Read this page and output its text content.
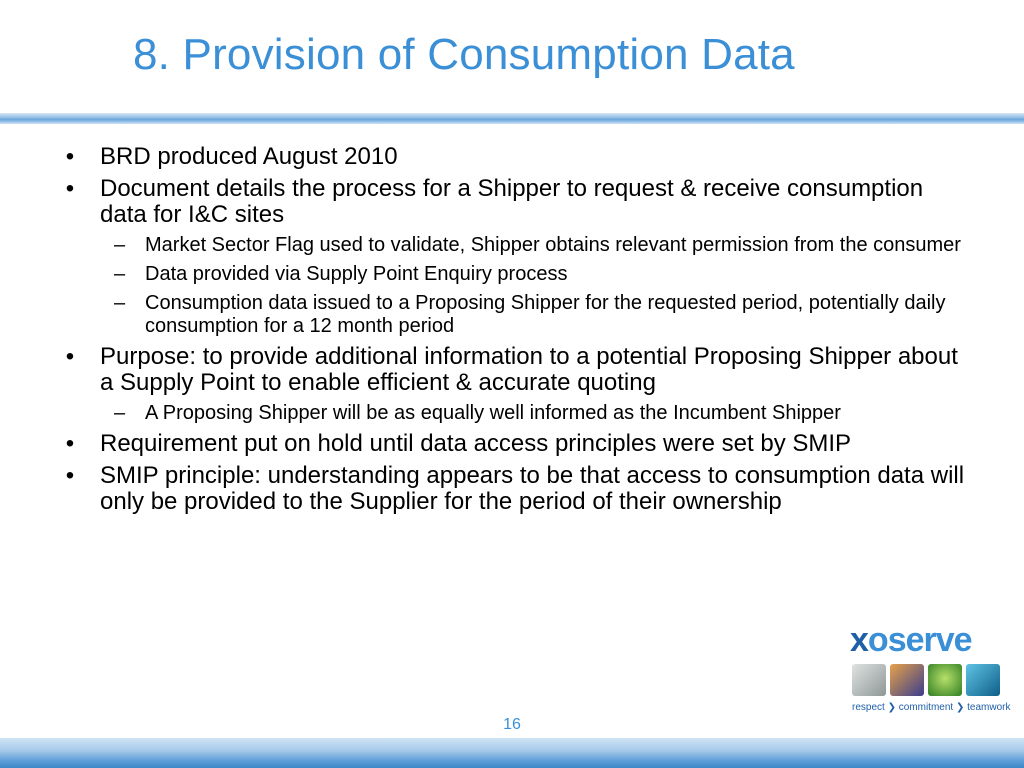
8. Provision of Consumption Data
• BRD produced August 2010
• Document details the process for a Shipper to request & receive consumption data for I&C sites
– Market Sector Flag used to validate, Shipper obtains relevant permission from the consumer
– Data provided via Supply Point Enquiry process
– Consumption data issued to a Proposing Shipper for the requested period, potentially daily consumption for a 12 month period
• Purpose: to provide additional information to a potential Proposing Shipper about a Supply Point to enable efficient & accurate quoting
– A Proposing Shipper will be as equally well informed as the Incumbent Shipper
• Requirement put on hold until data access principles were set by SMIP
• SMIP principle: understanding appears to be that access to consumption data will only be provided to the Supplier for the period of their ownership
xoserve
respect ❯ commitment ❯ teamwork
16
